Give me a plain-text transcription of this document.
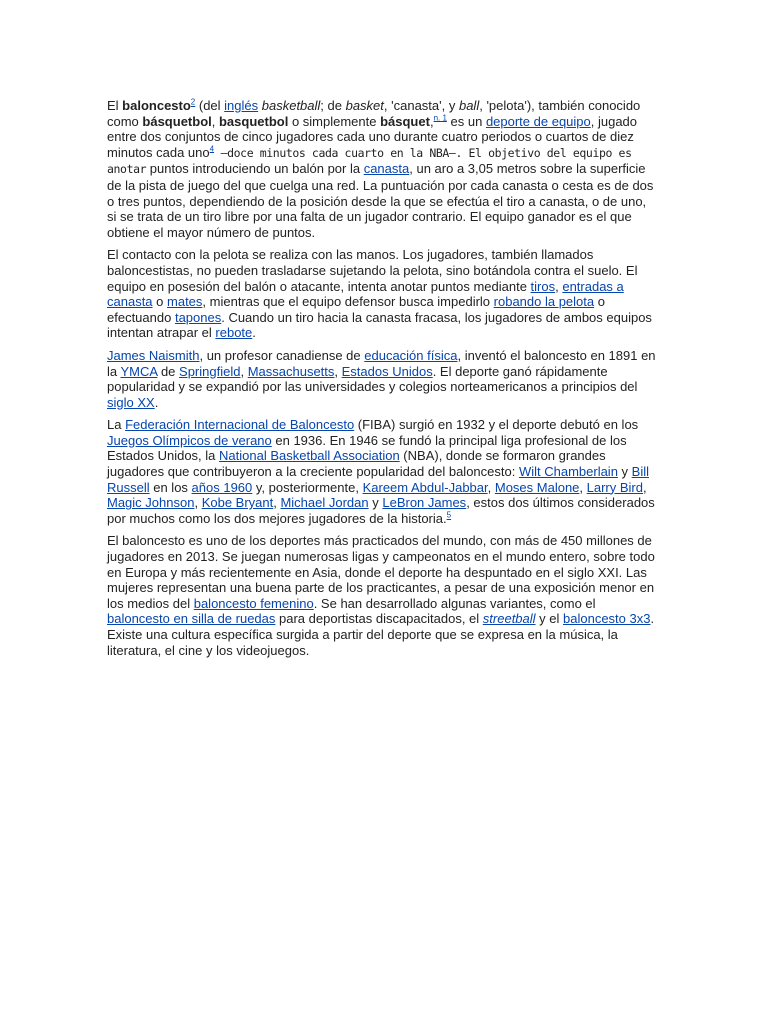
El baloncesto$^2$ (del inglés basketball; de basket, 'canasta', y ball, 'pelota'), también conocido como básquetbol, basquetbol o simplemente básquet,$^{n. 1}$ es un deporte de equipo, jugado entre dos conjuntos de cinco jugadores cada uno durante cuatro periodos o cuartos de diez minutos cada uno$^4$ —doce minutos cada cuarto en la NBA—. El objetivo del equipo es anotar puntos introduciendo un balón por la canasta, un aro a 3,05 metros sobre la superficie de la pista de juego del que cuelga una red. La puntuación por cada canasta o cesta es de dos o tres puntos, dependiendo de la posición desde la que se efectúa el tiro a canasta, o de uno, si se trata de un tiro libre por una falta de un jugador contrario. El equipo ganador es el que obtiene el mayor número de puntos.

El contacto con la pelota se realiza con las manos. Los jugadores, también llamados baloncestistas, no pueden trasladarse sujetando la pelota, sino botándola contra el suelo. El equipo en posesión del balón o atacante, intenta anotar puntos mediante tiros, entradas a canasta o mates, mientras que el equipo defensor busca impedirlo robando la pelota o efectuando tapones. Cuando un tiro hacia la canasta fracasa, los jugadores de ambos equipos intentan atrapar el rebote.

James Naismith, un profesor canadiense de educación física, inventó el baloncesto en 1891 en la YMCA de Springfield, Massachusetts, Estados Unidos. El deporte ganó rápidamente popularidad y se expandió por las universidades y colegios norteamericanos a principios del siglo XX.

La Federación Internacional de Baloncesto (FIBA) surgió en 1932 y el deporte debutó en los Juegos Olímpicos de verano en 1936. En 1946 se fundó la principal liga profesional de los Estados Unidos, la National Basketball Association (NBA), donde se formaron grandes jugadores que contribuyeron a la creciente popularidad del baloncesto: Wilt Chamberlain y Bill Russell en los años 1960 y, posteriormente, Kareem Abdul-Jabbar, Moses Malone, Larry Bird, Magic Johnson, Kobe Bryant, Michael Jordan y LeBron James, estos dos últimos considerados por muchos como los dos mejores jugadores de la historia.$^5$

El baloncesto es uno de los deportes más practicados del mundo, con más de 450 millones de jugadores en 2013. Se juegan numerosas ligas y campeonatos en el mundo entero, sobre todo en Europa y más recientemente en Asia, donde el deporte ha despuntado en el siglo XXI. Las mujeres representan una buena parte de los practicantes, a pesar de una exposición menor en los medios del baloncesto femenino. Se han desarrollado algunas variantes, como el baloncesto en silla de ruedas para deportistas discapacitados, el streetball y el baloncesto 3x3. Existe una cultura específica surgida a partir del deporte que se expresa en la música, la literatura, el cine y los videojuegos.
